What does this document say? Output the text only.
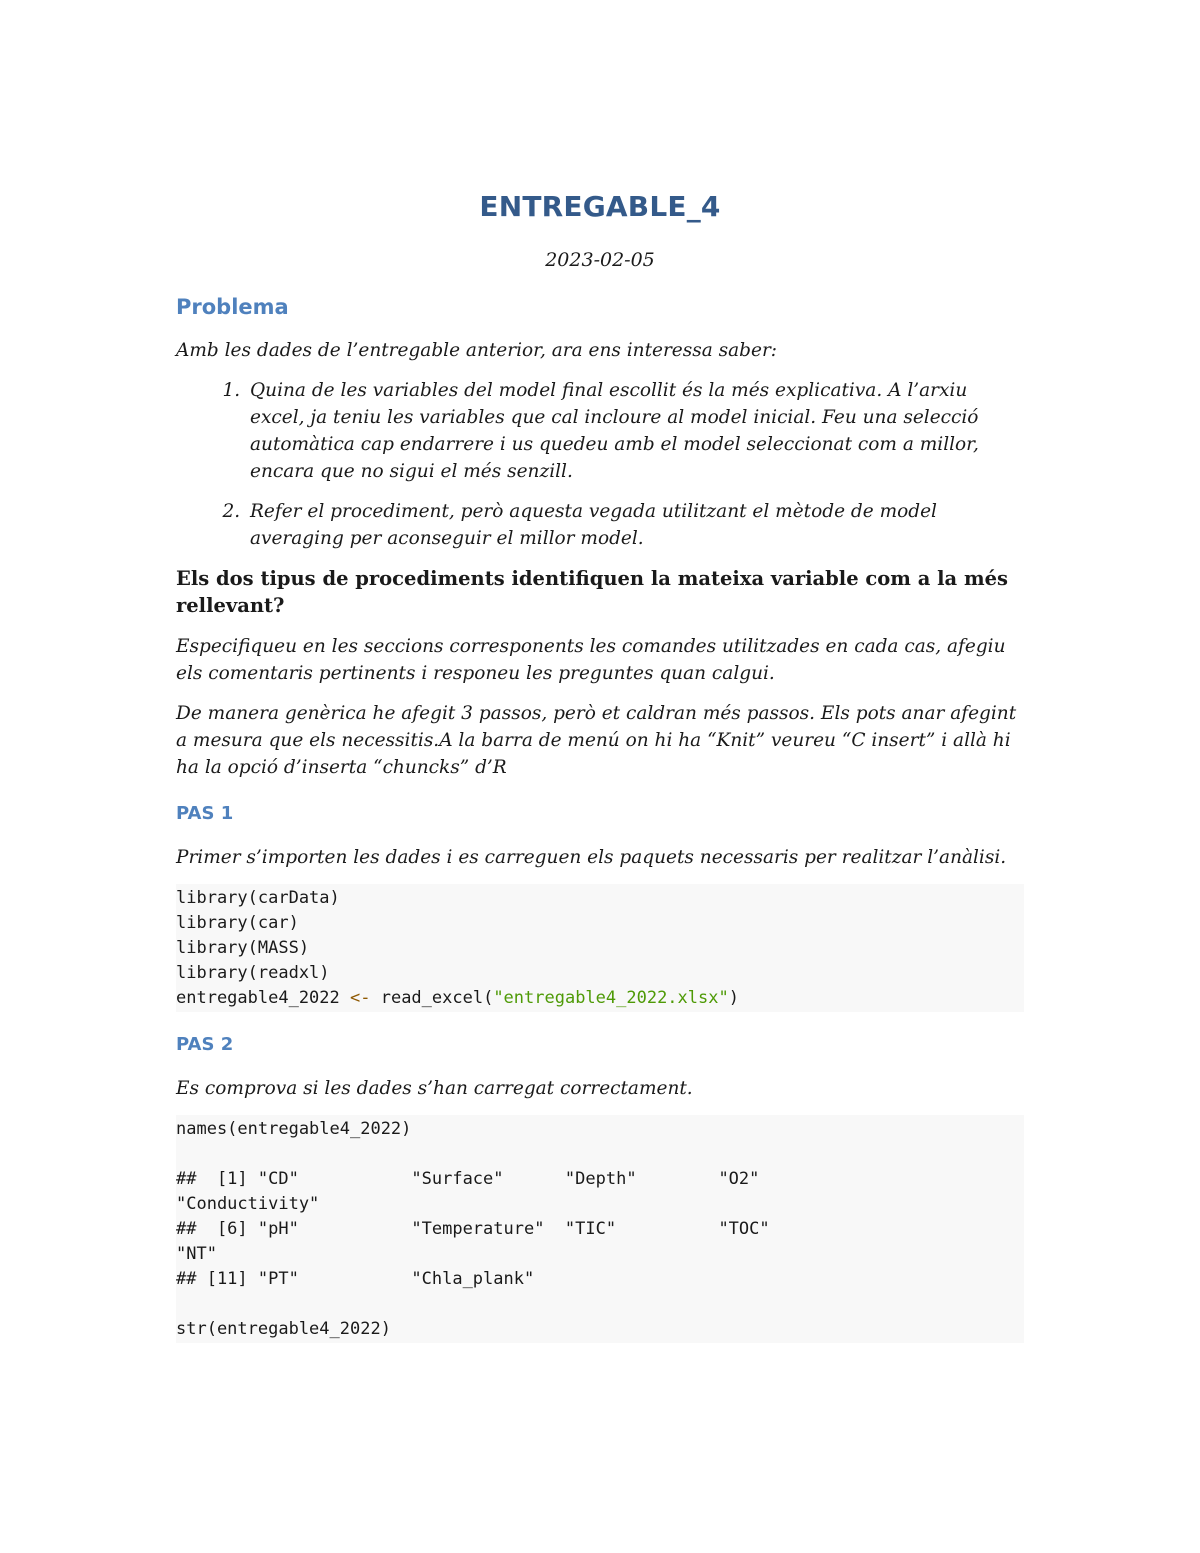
ENTREGABLE_4
2023-02-05
Problema
Amb les dades de l’entregable anterior, ara ens interessa saber:
1. Quina de les variables del model final escollit és la més explicativa. A l’arxiu excel, ja teniu les variables que cal incloure al model inicial. Feu una selecció automàtica cap endarrere i us quedeu amb el model seleccionat com a millor, encara que no sigui el més senzill.
2. Refer el procediment, però aquesta vegada utilitzant el mètode de model averaging per aconseguir el millor model.
Els dos tipus de procediments identifiquen la mateixa variable com a la més rellevant?
Especifiqueu en les seccions corresponents les comandes utilitzades en cada cas, afegiu els comentaris pertinents i responeu les preguntes quan calgui.
De manera genèrica he afegit 3 passos, però et caldran més passos. Els pots anar afegint a mesura que els necessitis.A la barra de menú on hi ha “Knit” veureu “C insert” i allà hi ha la opció d’inserta “chuncks” d’R
PAS 1
Primer s’importen les dades i es carreguen els paquets necessaris per realitzar l’anàlisi.
library(carData)
library(car)
library(MASS)
library(readxl)
entregable4_2022 <- read_excel("entregable4_2022.xlsx")
PAS 2
Es comprova si les dades s’han carregat correctament.
names(entregable4_2022)
##  [1] "CD"           "Surface"      "Depth"        "O2"
"Conductivity"
##  [6] "pH"           "Temperature"  "TIC"          "TOC"
"NT"
## [11] "PT"           "Chla_plank"
str(entregable4_2022)
